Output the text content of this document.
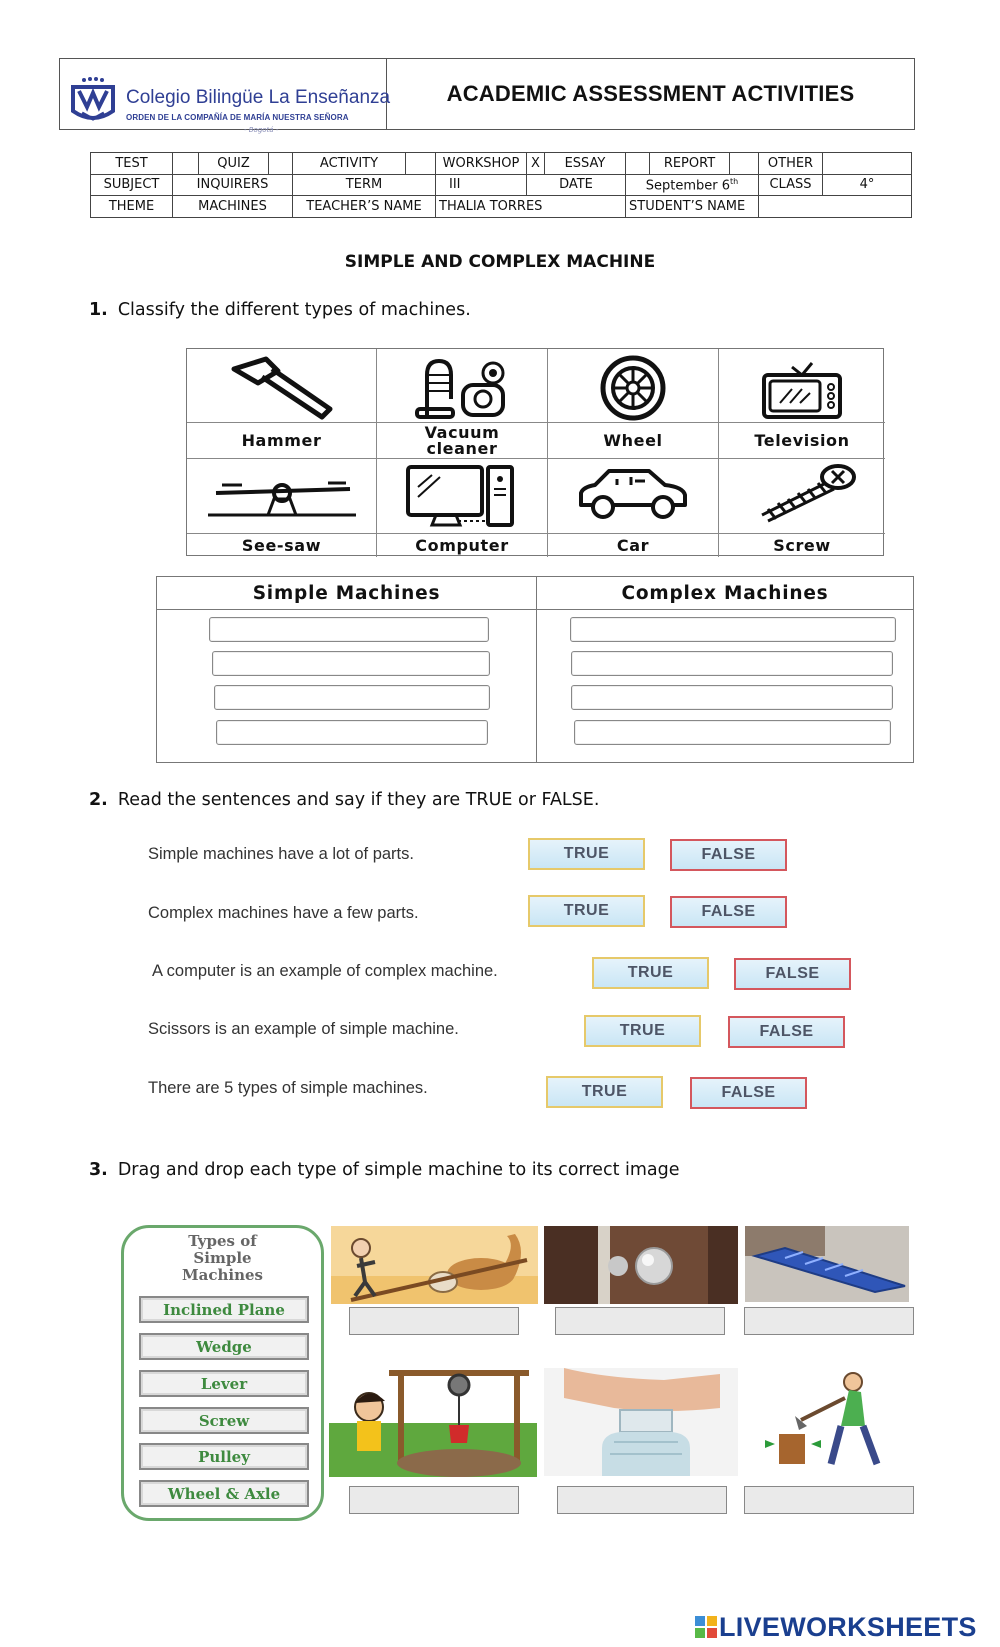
Colegio Bilingüe La Enseñanza
ORDEN DE LA COMPAÑÍA DE MARÍA NUESTRA SEÑORA
- Bogotá -
ACADEMIC ASSESSMENT ACTIVITIES
TEST		QUIZ		ACTIVITY		WORKSHOP	X	ESSAY		REPORT		OTHER	
SUBJECT	INQUIRERS			TERM		III	DATE		September 6th			CLASS	4°
THEME	MACHINES			TEACHER’S NAME		THALIA TORRES			STUDENT’S NAME				
SIMPLE AND COMPLEX MACHINE
1. Classify the different types of machines.
Hammer	Vacuum cleaner	Wheel	Television
See-saw	Computer	Car	Screw
Simple Machines	Complex Machines
2. Read the sentences and say if they are TRUE or FALSE.
Simple machines have a lot of parts.	TRUE	FALSE
Complex machines have a few parts.	TRUE	FALSE
A computer is an example of complex machine.	TRUE	FALSE
Scissors is an example of simple machine.	TRUE	FALSE
There are 5 types of simple machines.	TRUE	FALSE
3. Drag and drop each type of simple machine to its correct image
Types of Simple Machines
Inclined Plane
Wedge
Lever
Screw
Pulley
Wheel & Axle
LIVEWORKSHEETS
